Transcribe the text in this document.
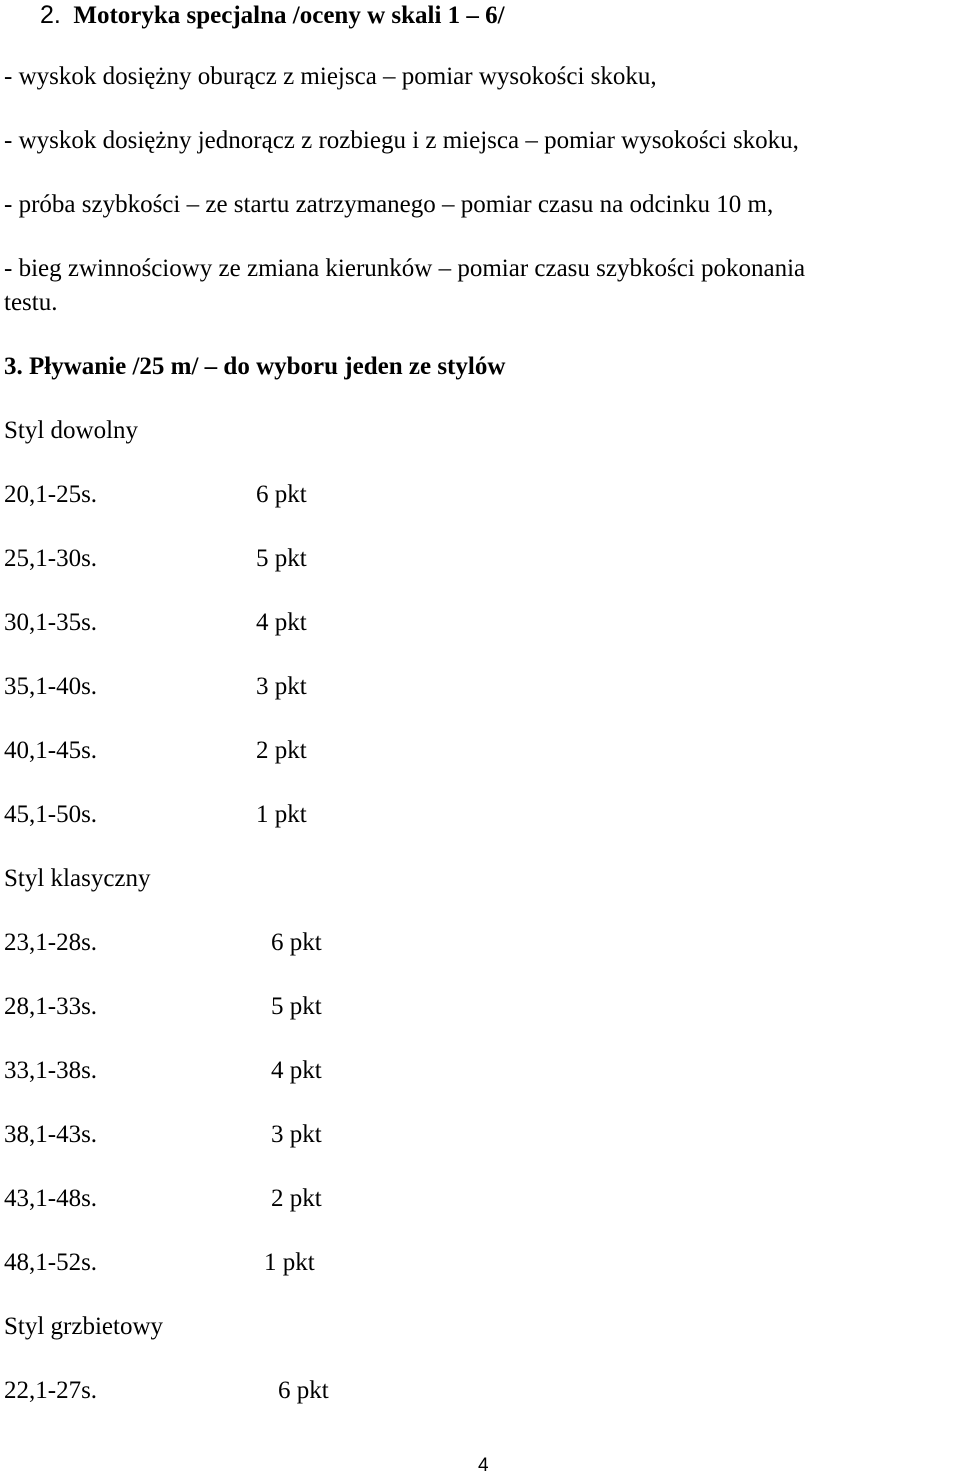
2. Motoryka specjalna /oceny w skali 1 – 6/
- wyskok dosiężny oburącz z miejsca – pomiar wysokości skoku,
- wyskok dosiężny jednorącz z rozbiegu i z miejsca – pomiar wysokości skoku,
- próba szybkości – ze startu zatrzymanego – pomiar czasu na odcinku 10 m,
- bieg zwinnościowy ze zmiana kierunków – pomiar czasu szybkości pokonania
testu.
3. Pływanie /25 m/ – do wyboru jeden ze stylów
Styl dowolny
20,1-25s.	6 pkt
25,1-30s.	5 pkt
30,1-35s.	4 pkt
35,1-40s.	3 pkt
40,1-45s.	2 pkt
45,1-50s.	1 pkt
Styl klasyczny
23,1-28s.	6 pkt
28,1-33s.	5 pkt
33,1-38s.	4 pkt
38,1-43s.	3 pkt
43,1-48s.	2 pkt
48,1-52s.	1 pkt
Styl grzbietowy
22,1-27s.	6 pkt
4
